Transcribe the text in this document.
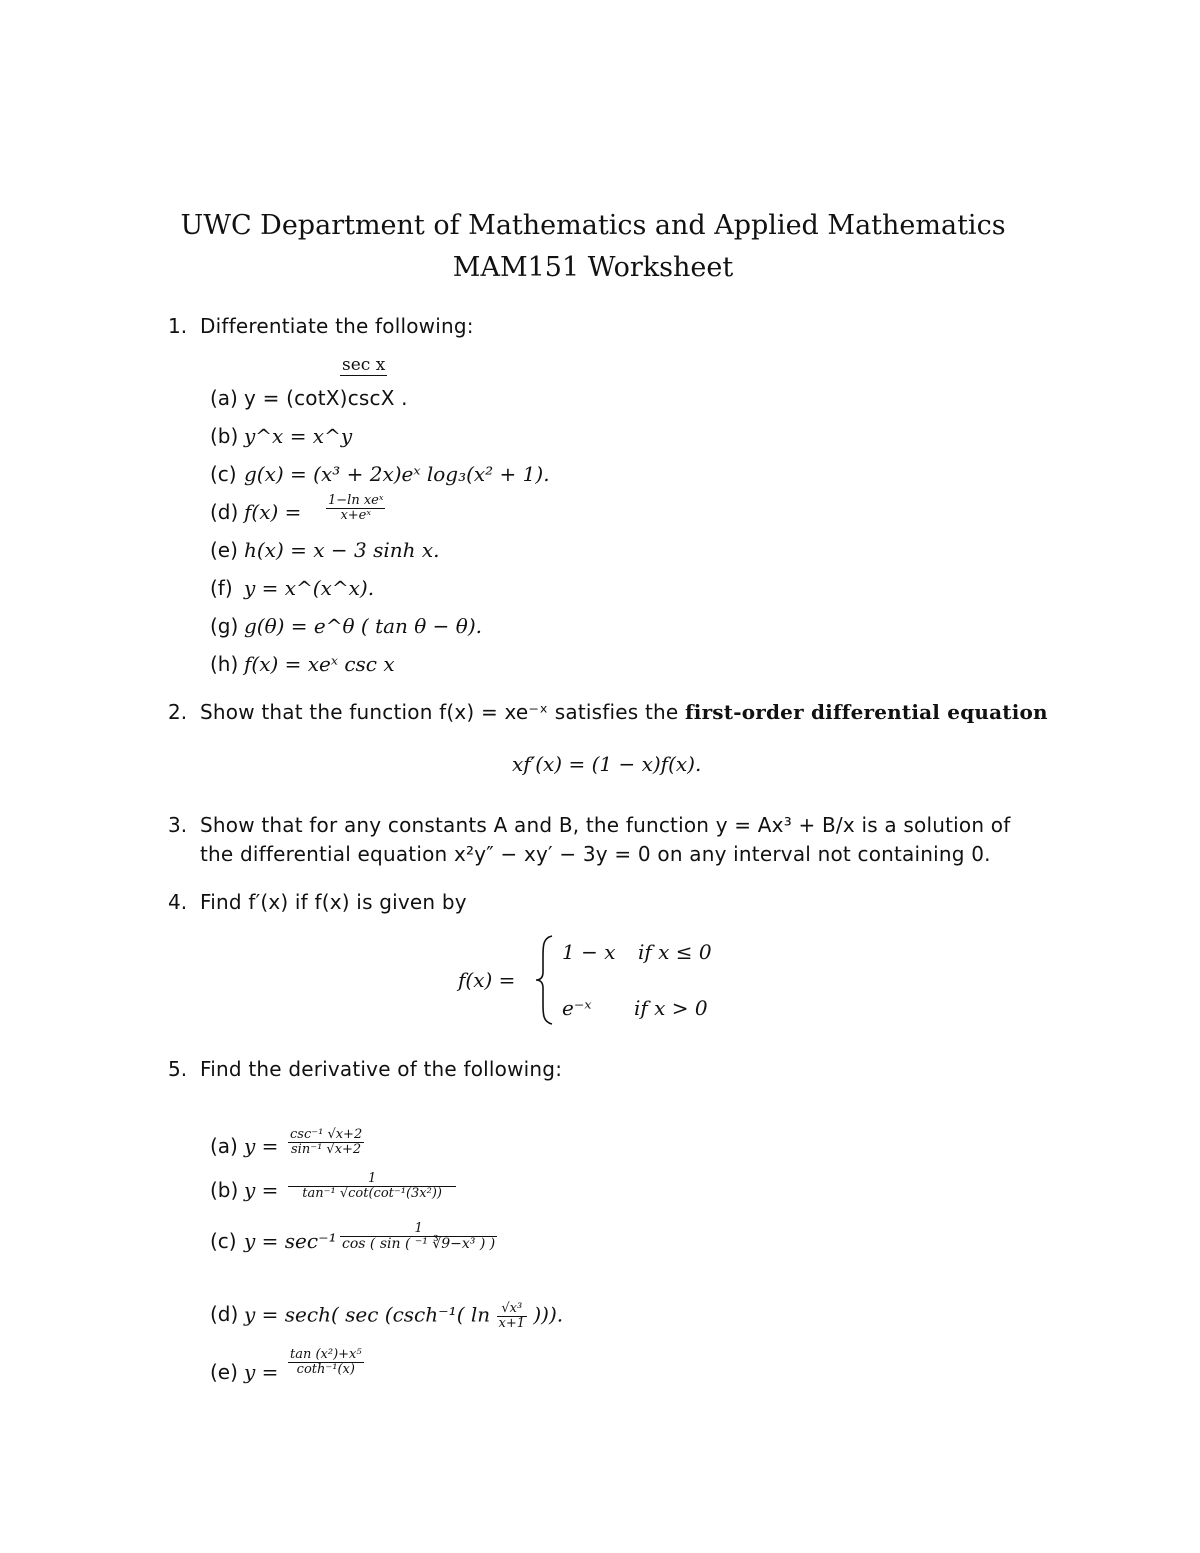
UWC Department of Mathematics and Applied Mathematics
MAM151 Worksheet
1. Differentiate the following:
(a)
sec x
y = (cotX)cscX .
(b) y^x = x^y
(c) g(x) = (x³ + 2x)eˣ log₃(x² + 1).
(d) f(x) = 1−ln xeˣ
x+eˣ
(e) h(x) = x − 3 sinh x.
(f) y = x^(x^x).
(g) g(θ) = e^θ ( tan θ − θ).
(h) f(x) = xeˣ csc x
2. Show that the function f(x) = xe⁻ˣ satisfies the first-order differential equation
xf′(x) = (1 − x)f(x).
3. Show that for any constants A and B, the function y = Ax³ + B/x is a solution of
the differential equation x²y″ − xy′ − 3y = 0 on any interval not containing 0.
4. Find f′(x) if f(x) is given by
f(x) =
1 − x if x ≤ 0
e⁻ˣ if x > 0
5. Find the derivative of the following:
(a) y = csc⁻¹ √x+2
sin⁻¹ √x+2
(b) $y = \frac{1}{\text{tan⁻¹ √cot(cot⁻¹(3x²))}}$
(c) $y = \sec^{-1} \frac{1}{\text{cos ( sin ( ⁻¹ ∛9−x³ ) )}}$
(d) y = sech( sec (csch⁻¹( $\ln \frac{\text{√x³}}{x+1}$ ))).
(e) $y = \frac{\text{tan (x²)+x⁵}}{\text{coth⁻¹(x)}}$
